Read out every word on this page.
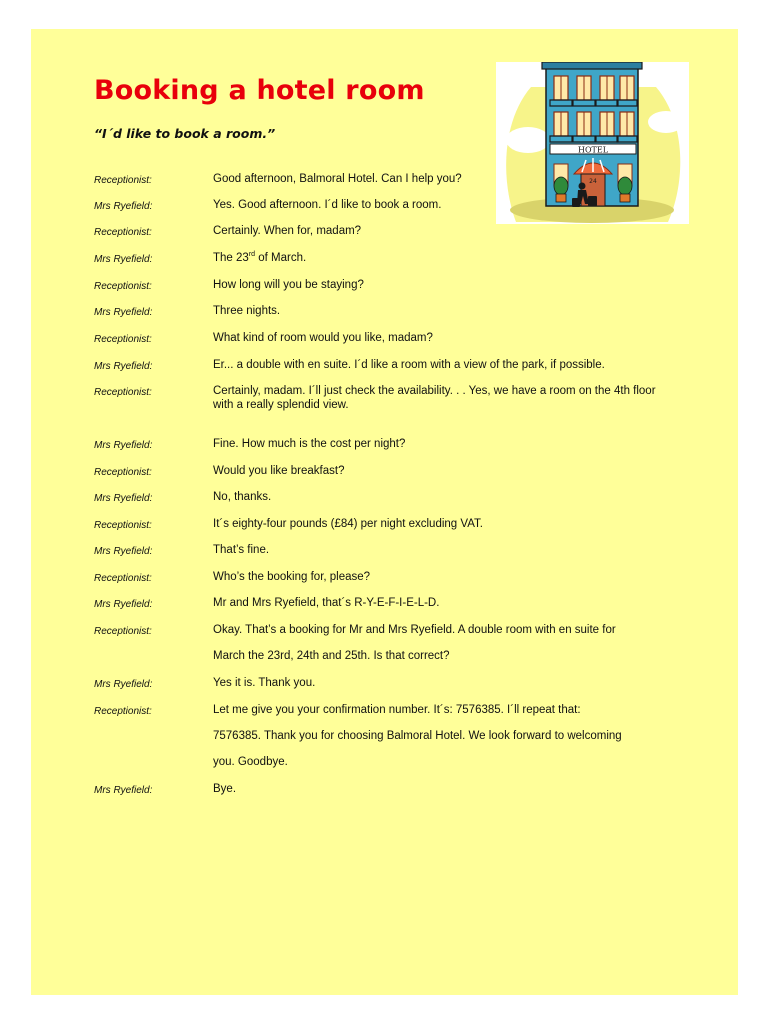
Booking a hotel room

“I´d like to book a room.”

HOTEL
24
Receptionist:	Good afternoon, Balmoral Hotel. Can I help you?
Mrs Ryefield:	Yes. Good afternoon. I´d like to book a room.
Receptionist:	Certainly. When for, madam?
Mrs Ryefield:	The 23rd of March.
Receptionist:	How long will you be staying?
Mrs Ryefield:	Three nights.
Receptionist:	What kind of room would you like, madam?
Mrs Ryefield:	Er... a double with en suite. I´d like a room with a view of the park, if possible.
Receptionist:	Certainly, madam. I´ll just check the availability. . . Yes, we have a room on the 4th floor with a really splendid view.
Mrs Ryefield:	Fine. How much is the cost per night?
Receptionist:	Would you like breakfast?
Mrs Ryefield:	No, thanks.
Receptionist:	It´s eighty-four pounds (£84) per night excluding VAT.
Mrs Ryefield:	That’s fine.
Receptionist:	Who’s the booking for, please?
Mrs Ryefield:	Mr and Mrs Ryefield, that´s R-Y-E-F-I-E-L-D.
Receptionist:	Okay. That’s a booking for Mr and Mrs Ryefield. A double room with en suite for
March the 23rd, 24th and 25th. Is that correct?
Mrs Ryefield:	Yes it is. Thank you.
Receptionist:	Let me give you your confirmation number. It´s: 7576385. I´ll repeat that:
7576385. Thank you for choosing Balmoral Hotel. We look forward to welcoming
you. Goodbye.
Mrs Ryefield:	Bye.
